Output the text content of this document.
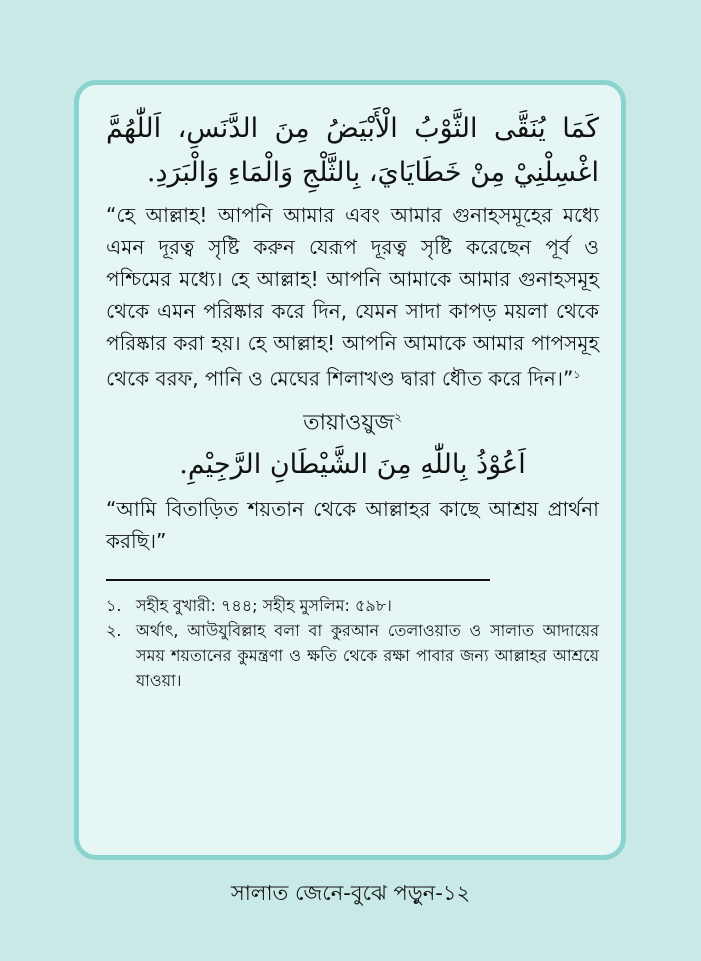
كَمَا يُنَقَّى الثَّوْبُ الْأَبْيَضُ مِنَ الدَّنَسِ، اَللّٰهُمَّ اغْسِلْنِيْ مِنْ خَطَايَايَ، بِالثَّلْجِ وَالْمَاءِ وَالْبَرَدِ.
“হে আল্লাহ! আপনি আমার এবং আমার গুনাহসমূহের মধ্যে এমন দূরত্ব সৃষ্টি করুন যেরূপ দূরত্ব সৃষ্টি করেছেন পূর্ব ও পশ্চিমের মধ্যে। হে আল্লাহ! আপনি আমাকে আমার গুনাহসমূহ থেকে এমন পরিষ্কার করে দিন, যেমন সাদা কাপড় ময়লা থেকে পরিষ্কার করা হয়। হে আল্লাহ! আপনি আমাকে আমার পাপসমূহ থেকে বরফ, পানি ও মেঘের শিলাখণ্ড দ্বারা ধৌত করে দিন।”$^১$
তায়াওয়ুজ$^২$
اَعُوْذُ بِاللّٰهِ مِنَ الشَّيْطَانِ الرَّجِيْمِ.
“আমি বিতাড়িত শয়তান থেকে আল্লাহর কাছে আশ্রয় প্রার্থনা করছি।”
১. সহীহ বুখারী: ৭৪৪; সহীহ মুসলিম: ৫৯৮।
২. অর্থাৎ, আউযুবিল্লাহ বলা বা কুরআন তেলাওয়াত ও সালাত আদায়ের সময় শয়তানের কুমন্ত্রণা ও ক্ষতি থেকে রক্ষা পাবার জন্য আল্লাহর আশ্রয়ে যাওয়া।
সালাত জেনে-বুঝে পড়ুন-১২
